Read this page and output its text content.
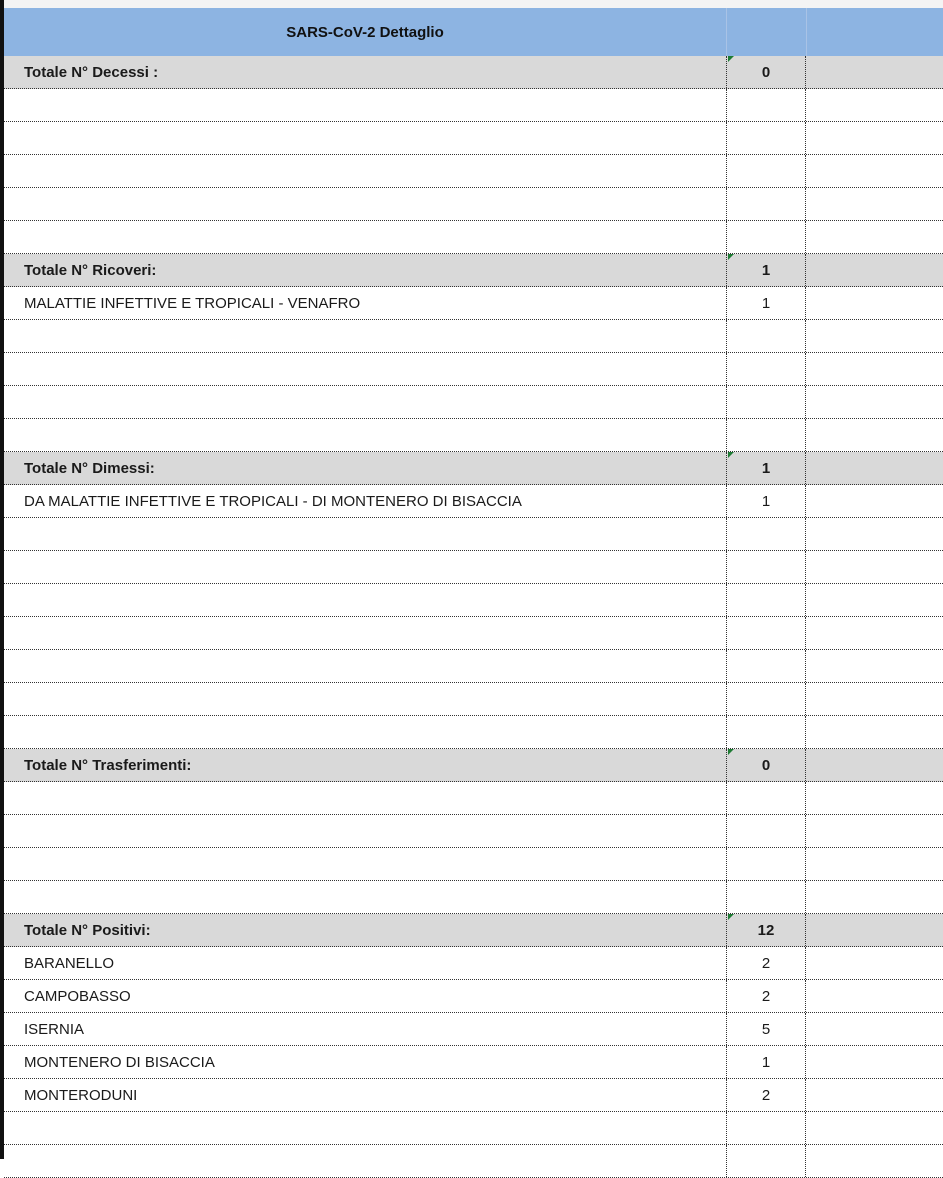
SARS-CoV-2 Dettaglio
Totale N° Decessi :	0
Totale N° Ricoveri:	1
MALATTIE INFETTIVE E TROPICALI - VENAFRO	1
Totale N° Dimessi:	1
DA MALATTIE INFETTIVE E TROPICALI - DI MONTENERO DI BISACCIA	1
Totale N° Trasferimenti:	0
Totale N° Positivi:	12
BARANELLO	2
CAMPOBASSO	2
ISERNIA	5
MONTENERO DI BISACCIA	1
MONTERODUNI	2
